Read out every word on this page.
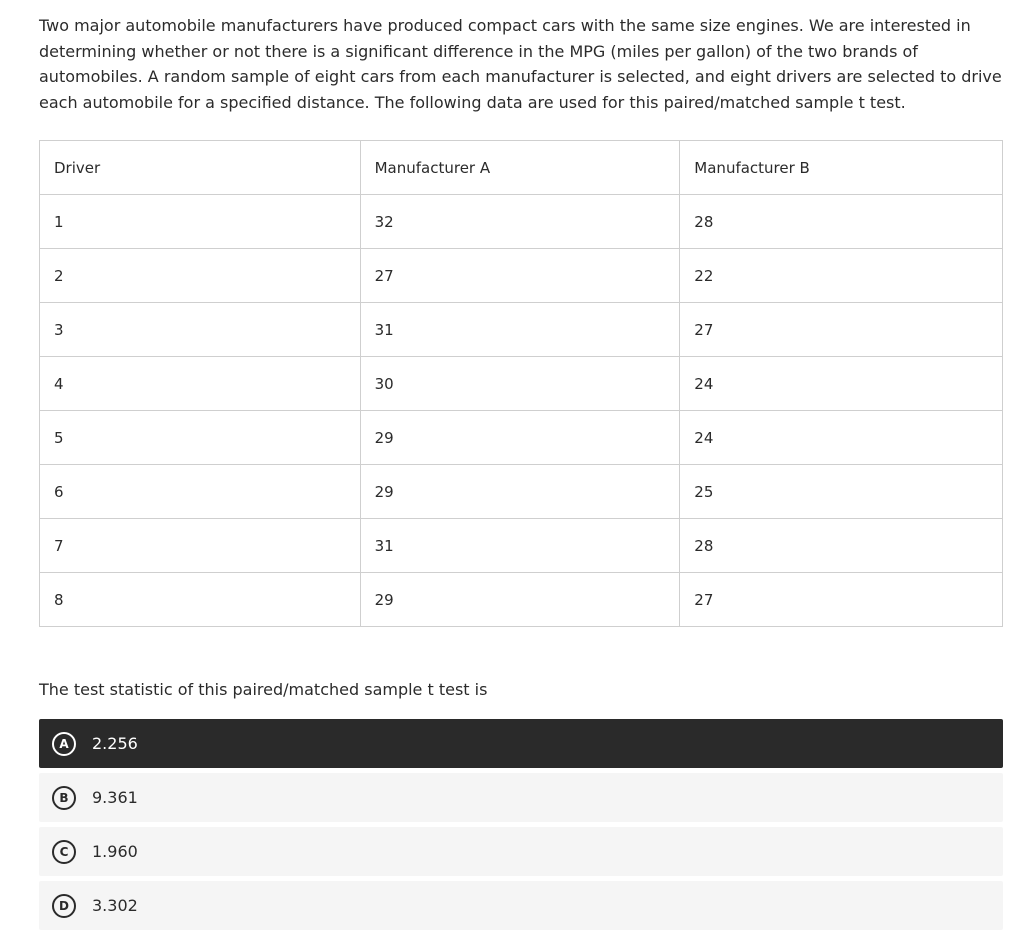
Two major automobile manufacturers have produced compact cars with the same size engines. We are interested in determining whether or not there is a significant difference in the MPG (miles per gallon) of the two brands of automobiles. A random sample of eight cars from each manufacturer is selected, and eight drivers are selected to drive each automobile for a specified distance. The following data are used for this paired/matched sample t test.

Driver	Manufacturer A	Manufacturer B
1	32	28
2	27	22
3	31	27
4	30	24
5	29	24
6	29	25
7	31	28
8	29	27

The test statistic of this paired/matched sample t test is

A	2.256
B	9.361
C	1.960
D	3.302
